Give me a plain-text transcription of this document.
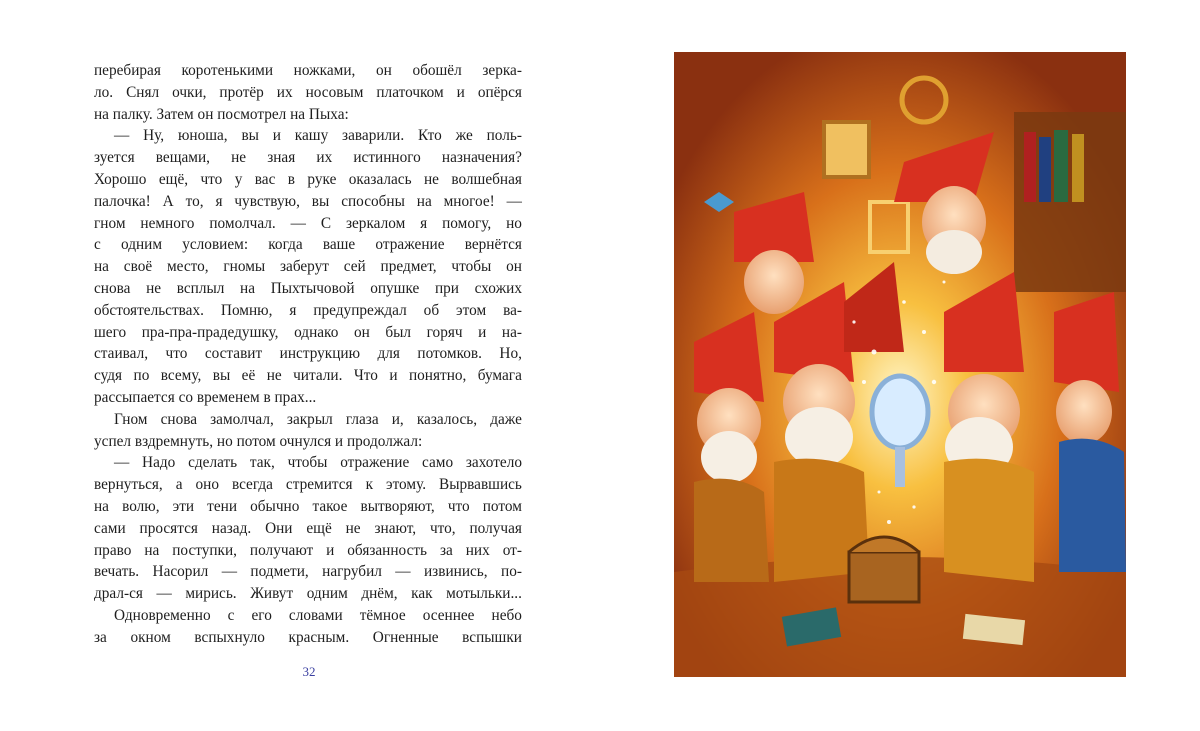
перебирая коротенькими ножками, он обошёл зерка-
ло. Снял очки, протёр их носовым платочком и опёрся
на палку. Затем он посмотрел на Пыха:
— Ну, юноша, вы и кашу заварили. Кто же поль-
зуется вещами, не зная их истинного назначения?
Хорошо ещё, что у вас в руке оказалась не волшебная
палочка! А то, я чувствую, вы способны на многое! —
гном немного помолчал. — С зеркалом я помогу, но
с одним условием: когда ваше отражение вернётся
на своё место, гномы заберут сей предмет, чтобы он
снова не всплыл на Пыхтычовой опушке при схожих
обстоятельствах. Помню, я предупреждал об этом ва-
шего пра-пра-прадедушку, однако он был горяч и на-
стаивал, что составит инструкцию для потомков. Но,
судя по всему, вы её не читали. Что и понятно, бумага
рассыпается со временем в прах...
Гном снова замолчал, закрыл глаза и, казалось, даже
успел вздремнуть, но потом очнулся и продолжал:
— Надо сделать так, чтобы отражение само захотело
вернуться, а оно всегда стремится к этому. Вырвавшись
на волю, эти тени обычно такое вытворяют, что потом
сами просятся назад. Они ещё не знают, что, получая
право на поступки, получают и обязанность за них от-
вечать. Насорил — подмети, нагрубил — извинись, по-
драл-ся — мирись. Живут одним днём, как мотыльки...
Одновременно с его словами тёмное осеннее небо
за окном вспыхнуло красным. Огненные вспышки
32
